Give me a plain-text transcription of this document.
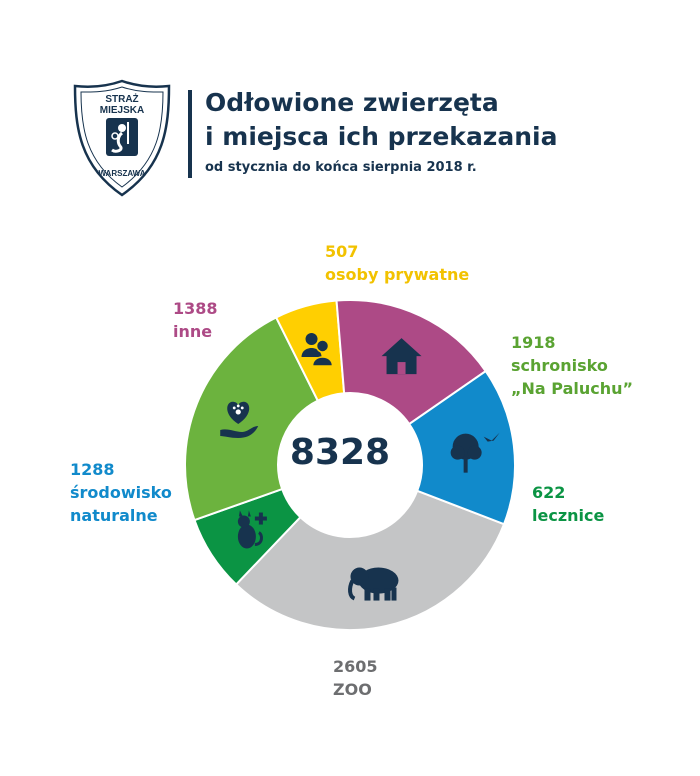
STRAŻ
MIEJSKA
WARSZAWA
Odłowione zwierzęta
i miejsca ich przekazania
od stycznia do końca sierpnia 2018 r.
8328
1918
schronisko
„Na Paluchu”
507
osoby prywatne
1388
inne
1288
środowisko
naturalne
622
lecznice
2605
ZOO
